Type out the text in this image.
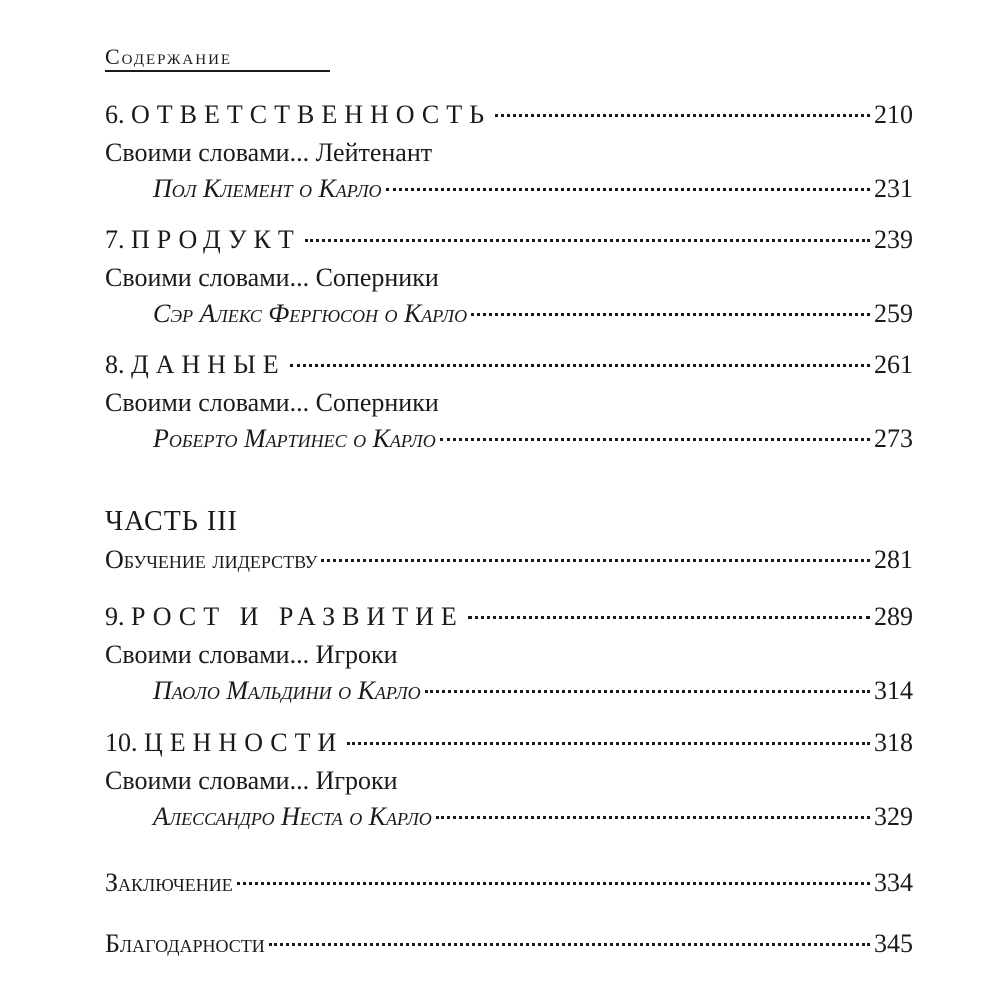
Содержание
6. ОТВЕТСТВЕННОСТЬ	210
Своими словами... Лейтенант
Пол Клемент о Карло	231
7. ПРОДУКТ	239
Своими словами... Соперники
Сэр Алекс Фергюсон о Карло	259
8. ДАННЫЕ	261
Своими словами... Соперники
Роберто Мартинес о Карло	273
ЧАСТЬ III
Обучение лидерству	281
9. РОСТ И РАЗВИТИЕ	289
Своими словами... Игроки
Паоло Мальдини о Карло	314
10. ЦЕННОСТИ	318
Своими словами... Игроки
Алессандро Неста о Карло	329
Заключение	334
Благодарности	345
